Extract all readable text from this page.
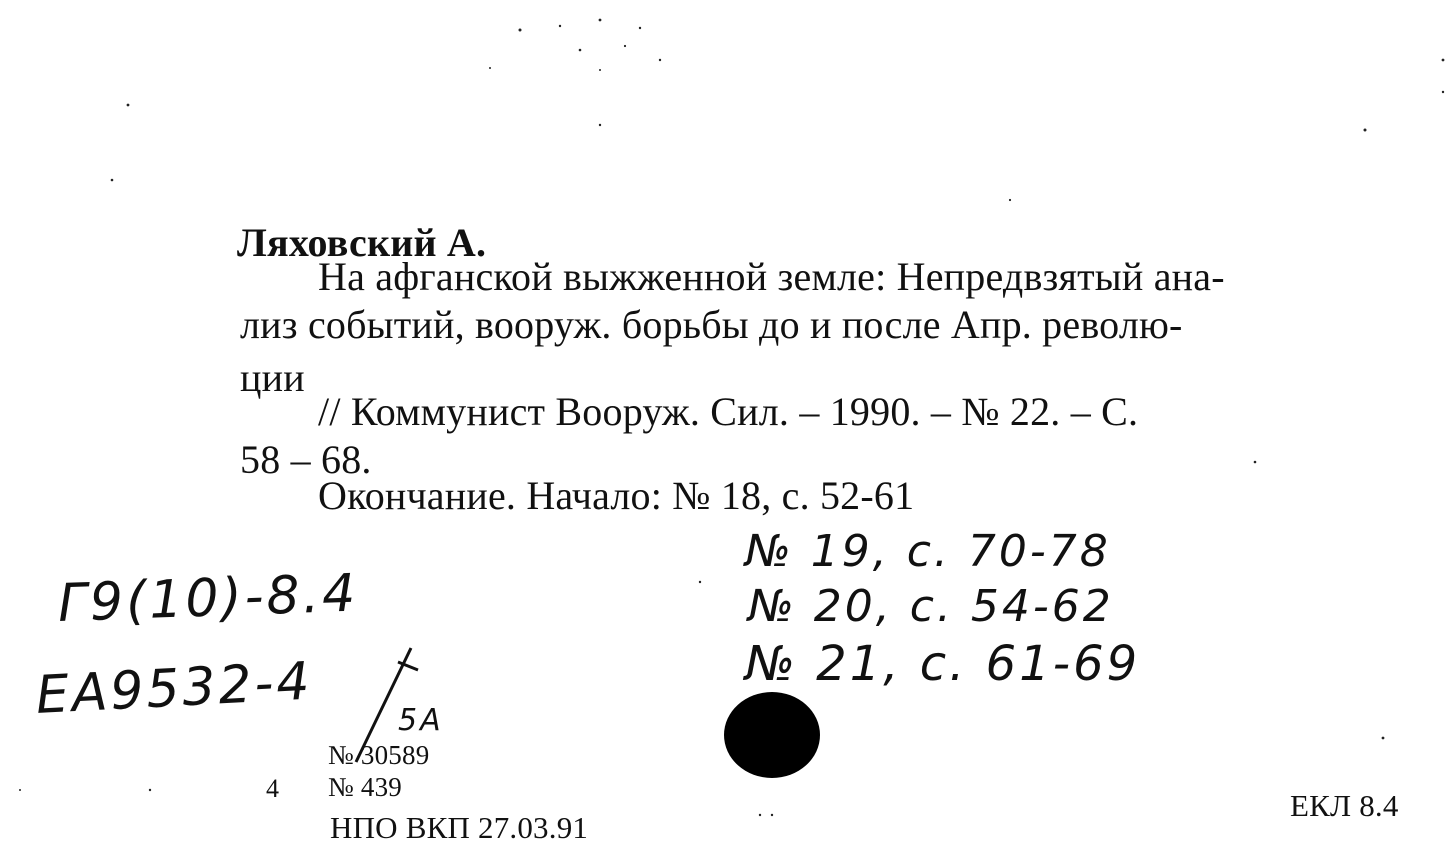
Ляховский А.
На афганской выжженной земле: Непредвзятый ана-
лиз событий, вооруж. борьбы до и после Апр. револю-
ции
// Коммунист Вооруж. Сил. – 1990. – № 22. – С.
58 – 68.
Окончание. Начало: № 18, с. 52-61
№ 19, с. 70-78
№ 20, с. 54-62
№ 21, с. 61-69
Г9(10)-8.4
ЕА9532-4	5А
№ 30589
4 № 439
НПО ВКП 27.03.91
ЕКЛ 8.4
